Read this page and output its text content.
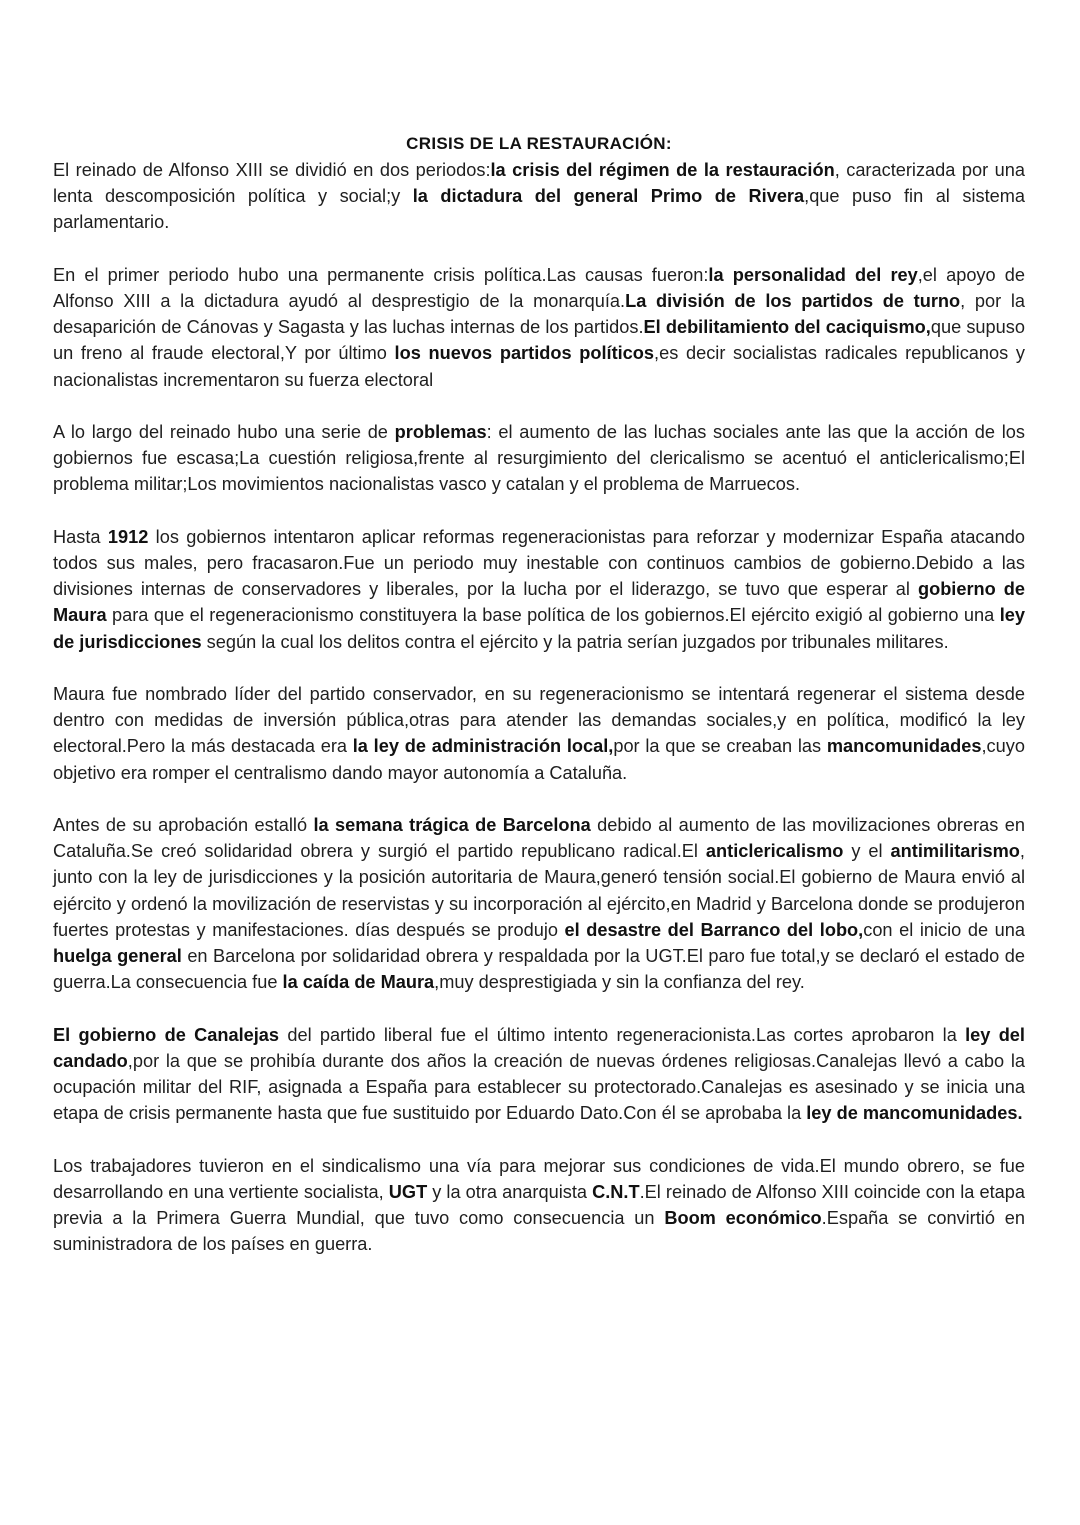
CRISIS DE LA RESTAURACIÓN:

El reinado de Alfonso XIII se dividió en dos periodos:la crisis del régimen de la restauración, caracterizada por una lenta descomposición política y social;y la dictadura del general Primo de Rivera,que puso fin al sistema parlamentario.

En el primer periodo hubo una permanente crisis política.Las causas fueron:la personalidad del rey,el apoyo de Alfonso XIII a la dictadura ayudó al desprestigio de la monarquía.La división de los partidos de turno, por la desaparición de Cánovas y Sagasta y las luchas internas de los partidos.El debilitamiento del caciquismo,que supuso un freno al fraude electoral,Y por último los nuevos partidos políticos,es decir socialistas radicales republicanos y nacionalistas incrementaron su fuerza electoral

A lo largo del reinado hubo una serie de problemas: el aumento de las luchas sociales ante las que la acción de los gobiernos fue escasa;La cuestión religiosa,frente al resurgimiento del clericalismo se acentuó el anticlericalismo;El problema militar;Los movimientos nacionalistas vasco y catalan y el problema de Marruecos.

Hasta 1912 los gobiernos intentaron aplicar reformas regeneracionistas para reforzar y modernizar España atacando todos sus males, pero fracasaron.Fue un periodo muy inestable con continuos cambios de gobierno.Debido a las divisiones internas de conservadores y liberales, por la lucha por el liderazgo, se tuvo que esperar al gobierno de Maura para que el regeneracionismo constituyera la base política de los gobiernos.El ejército exigió al gobierno una ley de jurisdicciones según la cual los delitos contra el ejército y la patria serían juzgados por tribunales militares.

Maura fue nombrado líder del partido conservador, en su regeneracionismo se intentará regenerar el sistema desde dentro con medidas de inversión pública,otras para atender las demandas sociales,y en política, modificó la ley electoral.Pero la más destacada era la ley de administración local,por la que se creaban las mancomunidades,cuyo objetivo era romper el centralismo dando mayor autonomía a Cataluña.

Antes de su aprobación estalló la semana trágica de Barcelona debido al aumento de las movilizaciones obreras en Cataluña.Se creó solidaridad obrera y surgió el partido republicano radical.El anticlericalismo y el antimilitarismo, junto con la ley de jurisdicciones y la posición autoritaria de Maura,generó tensión social.El gobierno de Maura envió al ejército y ordenó la movilización de reservistas y su incorporación al ejército,en Madrid y Barcelona donde se produjeron fuertes protestas y manifestaciones. días después se produjo el desastre del Barranco del lobo,con el inicio de una huelga general en Barcelona por solidaridad obrera y respaldada por la UGT.El paro fue total,y se declaró el estado de guerra.La consecuencia fue la caída de Maura,muy desprestigiada y sin la confianza del rey.

El gobierno de Canalejas del partido liberal fue el último intento regeneracionista.Las cortes aprobaron la ley del candado,por la que se prohibía durante dos años la creación de nuevas órdenes religiosas.Canalejas llevó a cabo la ocupación militar del RIF, asignada a España para establecer su protectorado.Canalejas es asesinado y se inicia una etapa de crisis permanente hasta que fue sustituido por Eduardo Dato.Con él se aprobaba la ley de mancomunidades.

Los trabajadores tuvieron en el sindicalismo una vía para mejorar sus condiciones de vida.El mundo obrero, se fue desarrollando en una vertiente socialista, UGT y la otra anarquista C.N.T.El reinado de Alfonso XIII coincide con la etapa previa a la Primera Guerra Mundial, que tuvo como consecuencia un Boom económico.España se convirtió en suministradora de los países en guerra.
